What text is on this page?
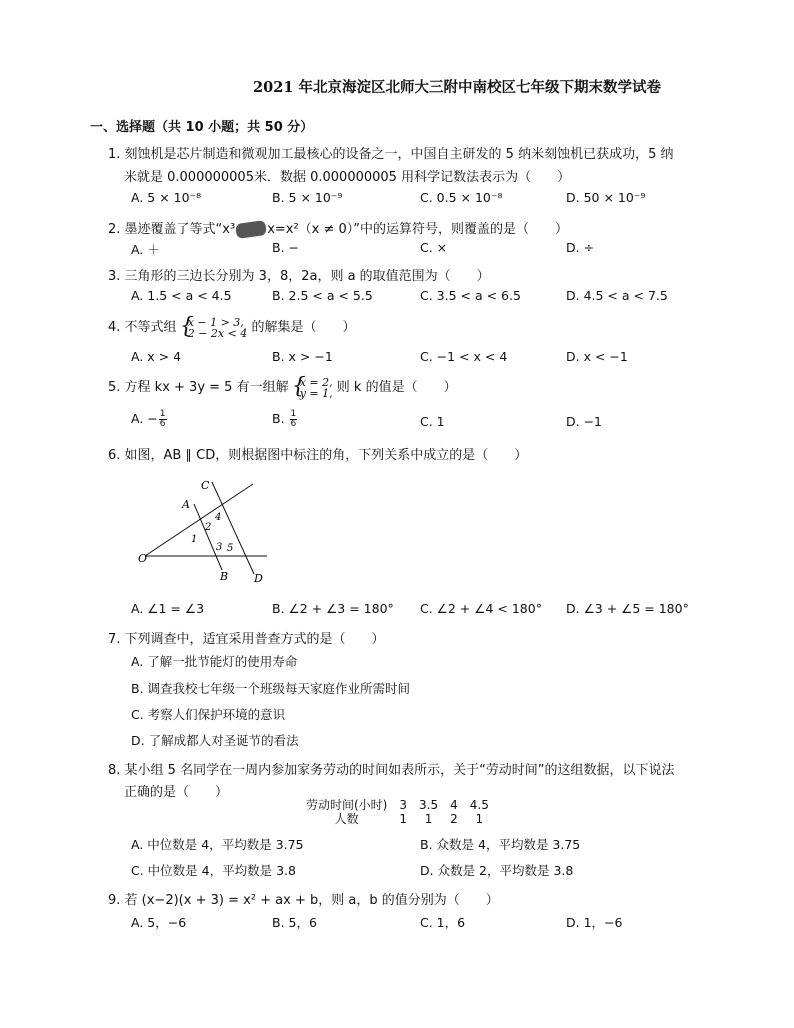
2021 年北京海淀区北师大三附中南校区七年级下期末数学试卷
一、选择题（共 10 小题；共 50 分）
1. 刻蚀机是芯片制造和微观加工最核心的设备之一，中国自主研发的 5 纳米刻蚀机已获成功，5 纳
米就是 0.000000005米．数据 0.000000005 用科学记数法表示为（　　）
A. 5 × 10⁻⁸	B. 5 × 10⁻⁹	C. 0.5 × 10⁻⁸	D. 50 × 10⁻⁹
2. 墨迹覆盖了等式“x³ x=x²（x ≠ 0）”中的运算符号，则覆盖的是（　　）
A. ＋	B. −	C. ×	D. ÷
3. 三角形的三边长分别为 3，8，2a，则 a 的取值范围为（　　）
A. 1.5 < a < 4.5	B. 2.5 < a < 5.5	C. 3.5 < a < 6.5	D. 4.5 < a < 7.5
4. 不等式组 { x − 1 > 3,
2 − 2x < 4 的解集是（　　）
A. x > 4	B. x > −1	C. −1 < x < 4	D. x < −1
5. 方程 kx + 3y = 5 有一组解 { x = 2,
y = 1, 则 k 的值是（　　）
A. − $\frac{1}{6}$	B. $\frac{1}{6}$	C. 1	D. −1
6. 如图，AB ∥ CD，则根据图中标注的角，下列关系中成立的是（　　）
O
A
B
C
D
1
2
3
4
5
A. ∠1 = ∠3	B. ∠2 + ∠3 = 180° C. ∠2 + ∠4 < 180° D. ∠3 + ∠5 = 180°
7. 下列调查中，适宜采用普查方式的是（　　）
A. 了解一批节能灯的使用寿命
B. 调查我校七年级一个班级每天家庭作业所需时间
C. 考察人们保护环境的意识
D. 了解成都人对圣诞节的看法
8. 某小组 5 名同学在一周内参加家务劳动的时间如表所示，关于“劳动时间”的这组数据，以下说法
正确的是（　　）
劳动时间(小时)	3	3.5	4	4.5
人数	1	1	2	1
A. 中位数是 4，平均数是 3.75	B. 众数是 4，平均数是 3.75
C. 中位数是 4，平均数是 3.8	D. 众数是 2，平均数是 3.8
9. 若 (x−2)(x + 3) = x² + ax + b，则 a，b 的值分别为（　　）
A. 5，−6	B. 5，6	C. 1，6	D. 1，−6
